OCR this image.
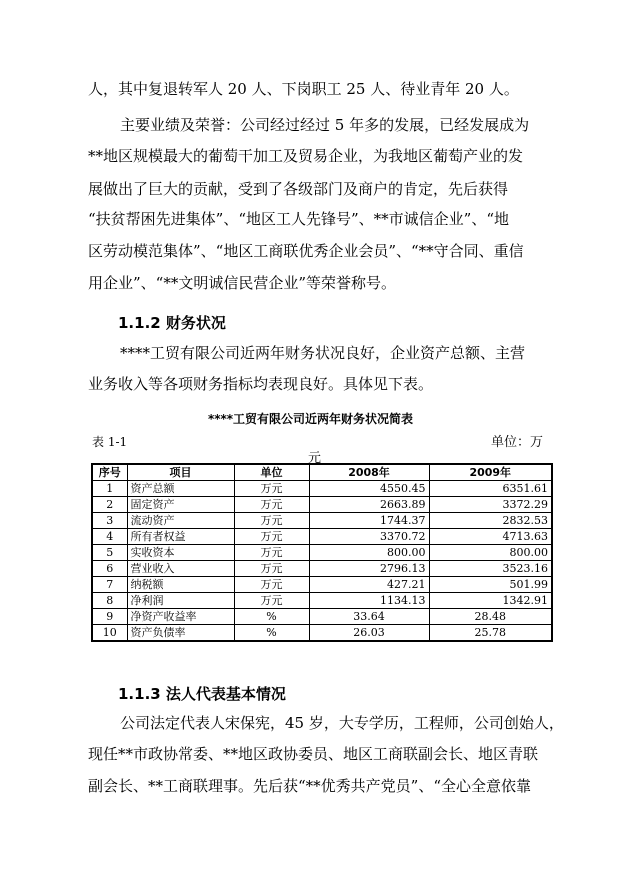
人，其中复退转军人 20 人、下岗职工 25 人、待业青年 20 人。
主要业绩及荣誉：公司经过经过 5 年多的发展，已经发展成为
**地区规模最大的葡萄干加工及贸易企业，为我地区葡萄产业的发
展做出了巨大的贡献，受到了各级部门及商户的肯定，先后获得
“扶贫帮困先进集体”、“地区工人先锋号”、**市诚信企业”、“地
区劳动模范集体”、“地区工商联优秀企业会员”、“**守合同、重信
用企业”、“**文明诚信民营企业”等荣誉称号。
1.1.2 财务状况
****工贸有限公司近两年财务状况良好，企业资产总额、主营
业务收入等各项财务指标均表现良好。具体见下表。
****工贸有限公司近两年财务状况简表
表 1-1	单位：万
元
序号	项目	单位	2008年	2009年
1	资产总额	万元	4550.45	6351.61
2	固定资产	万元	2663.89	3372.29
3	流动资产	万元	1744.37	2832.53
4	所有者权益	万元	3370.72	4713.63
5	实收资本	万元	800.00	800.00
6	营业收入	万元	2796.13	3523.16
7	纳税额	万元	427.21	501.99
8	净利润	万元	1134.13	1342.91
9	净资产收益率	%	33.64	28.48
10	资产负债率	%	26.03	25.78
1.1.3 法人代表基本情况
公司法定代表人宋保宪，45 岁，大专学历，工程师，公司创始人，
现任**市政协常委、**地区政协委员、地区工商联副会长、地区青联
副会长、**工商联理事。先后获“**优秀共产党员”、“全心全意依靠
